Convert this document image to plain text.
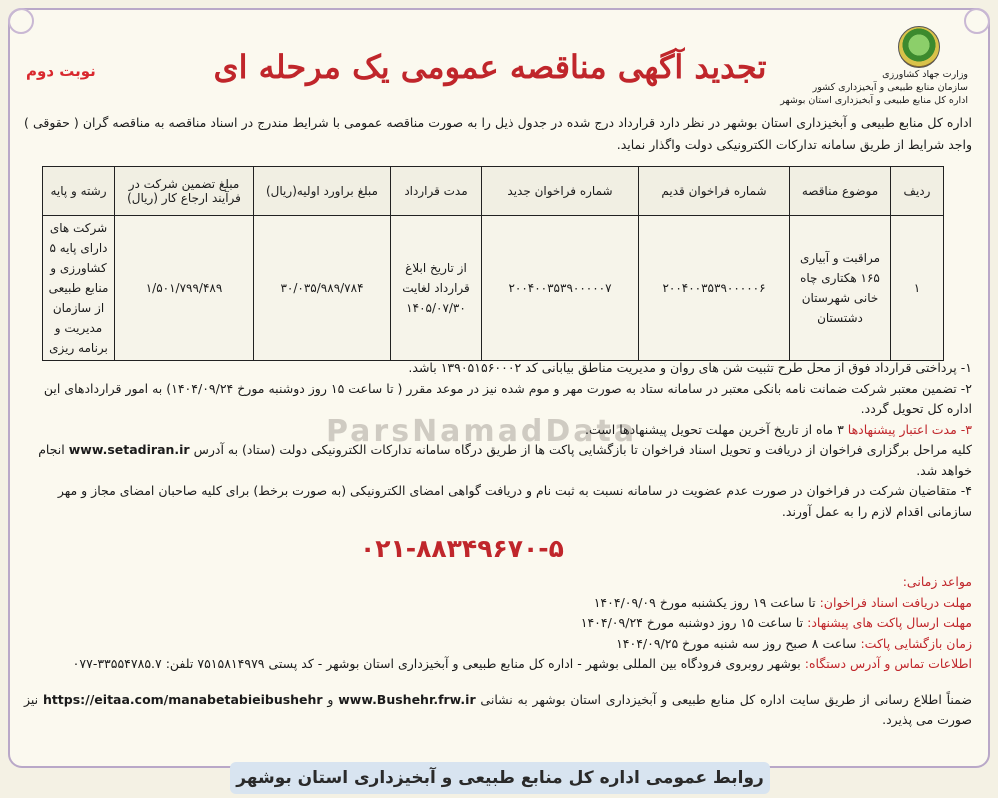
وزارت جهاد کشاورزی
سازمان منابع طبیعی و آبخیزداری کشور
اداره کل منابع طبیعی و آبخیزداری استان بوشهر
تجدید آگهی مناقصه عمومی یک مرحله ای
نوبت دوم
اداره کل منابع طبیعی و آبخیزداری استان بوشهر در نظر دارد قرارداد درج شده در جدول ذیل را به صورت مناقصه عمومی با شرایط مندرج در اسناد مناقصه به مناقصه گران ( حقوقی ) واجد شرایط از طریق سامانه تدارکات الکترونیکی دولت واگذار نماید.
ردیف	موضوع مناقصه	شماره فراخوان قدیم	شماره فراخوان جدید	مدت قرارداد	مبلغ براورد اولیه(ریال)	مبلغ تضمین شرکت در فرآیند ارجاع کار (ریال)	رشته و پایه
۱	مراقبت و آبیاری ۱۶۵ هکتاری چاه خانی شهرستان دشتستان	۲۰۰۴۰۰۳۵۳۹۰۰۰۰۰۶	۲۰۰۴۰۰۳۵۳۹۰۰۰۰۰۷	از تاریخ ابلاغ قرارداد لغایت ۱۴۰۵/۰۷/۳۰	۳۰/۰۳۵/۹۸۹/۷۸۴	۱/۵۰۱/۷۹۹/۴۸۹	شرکت های دارای پایه ۵ کشاورزی و منابع طبیعی از سازمان مدیریت و برنامه ریزی
ParsNamadData
۱- پرداختی قرارداد فوق از محل طرح تثبیت شن های روان و مدیریت مناطق بیابانی کد ۱۳۹۰۵۱۵۶۰۰۰۲ باشد.
۲- تضمین معتبر شرکت ضمانت نامه بانکی معتبر در سامانه ستاد به صورت مهر و موم شده نیز در موعد مقرر ( تا ساعت ۱۵ روز دوشنبه مورخ ۱۴۰۴/۰۹/۲۴) به امور قراردادهای این اداره کل تحویل گردد.
۳- مدت اعتبار پیشنهادها ۳ ماه از تاریخ آخرین مهلت تحویل پیشنهادها است.
کلیه مراحل برگزاری فراخوان از دریافت و تحویل اسناد فراخوان تا بازگشایی پاکت ها از طریق درگاه سامانه تدارکات الکترونیکی دولت (ستاد) به آدرس www.setadiran.ir انجام خواهد شد.
۴- متقاضیان شرکت در فراخوان در صورت عدم عضویت در سامانه نسبت به ثبت نام و دریافت گواهی امضای الکترونیکی (به صورت برخط) برای کلیه صاحبان امضای مجاز و مهر سازمانی اقدام لازم را به عمل آورند.
۰۲۱-۸۸۳۴۹۶۷۰-۵
مواعد زمانی:
مهلت دریافت اسناد فراخوان: تا ساعت ۱۹ روز یکشنبه مورخ ۱۴۰۴/۰۹/۰۹
مهلت ارسال پاکت های پیشنهاد: تا ساعت ۱۵ روز دوشنبه مورخ ۱۴۰۴/۰۹/۲۴
زمان بازگشایی پاکت: ساعت ۸ صبح روز سه شنبه مورخ ۱۴۰۴/۰۹/۲۵
اطلاعات تماس و آدرس دستگاه: بوشهر روبروی فرودگاه بین المللی بوشهر - اداره کل منابع طبیعی و آبخیزداری استان بوشهر - کد پستی ۷۵۱۵۸۱۴۹۷۹ تلفن: ۳۳۵۵۴۷۸۵.۷-۰۷۷
ضمناً اطلاع رسانی از طریق سایت اداره کل منابع طبیعی و آبخیزداری استان بوشهر به نشانی www.Bushehr.frw.ir و https://eitaa.com/manabetabieibushehr نیز صورت می پذیرد.
روابط عمومی اداره کل منابع طبیعی و آبخیزداری استان بوشهر
